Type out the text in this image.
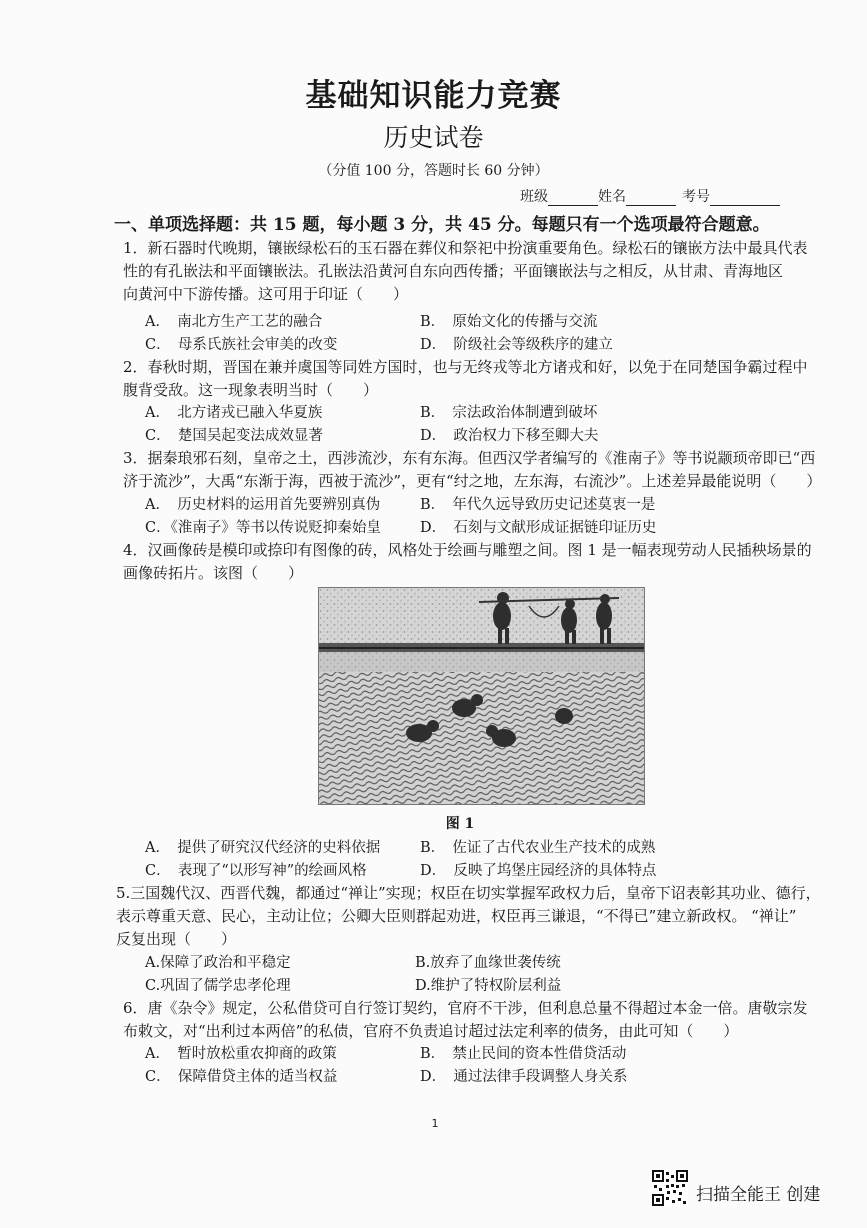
基础知识能力竞赛
历史试卷
（分值 100 分，答题时长 60 分钟）
班级	姓名	考号
一、单项选择题：共 15 题，每小题 3 分，共 45 分。每题只有一个选项最符合题意。
1．新石器时代晚期，镶嵌绿松石的玉石器在葬仪和祭祀中扮演重要角色。绿松石的镶嵌方法中最具代表
性的有孔嵌法和平面镶嵌法。孔嵌法沿黄河自东向西传播；平面镶嵌法与之相反，从甘肃、青海地区
向黄河中下游传播。这可用于印证（　　）
A．　南北方生产工艺的融合	B．　原始文化的传播与交流
C．　母系氏族社会审美的改变	D．　阶级社会等级秩序的建立
2．春秋时期，晋国在兼并虞国等同姓方国时，也与无终戎等北方诸戎和好，以免于在同楚国争霸过程中
腹背受敌。这一现象表明当时（　　）
A．　北方诸戎已融入华夏族	B．　宗法政治体制遭到破坏
C．　楚国吴起变法成效显著	D．　政治权力下移至卿大夫
3．据秦琅邪石刻，皇帝之土，西涉流沙，东有东海。但西汉学者编写的《淮南子》等书说颛顼帝即已“西
济于流沙”，大禹“东渐于海，西被于流沙”，更有“纣之地，左东海，右流沙”。上述差异最能说明（　　）
A．　历史材料的运用首先要辨别真伪	B．　年代久远导致历史记述莫衷一是
C．《淮南子》等书以传说贬抑秦始皇	D．　石刻与文献形成证据链印证历史
4．汉画像砖是模印或捺印有图像的砖，风格处于绘画与雕塑之间。图 1 是一幅表现劳动人民插秧场景的
画像砖拓片。该图（　　）
图 1
A．　提供了研究汉代经济的史料依据	B．　佐证了古代农业生产技术的成熟
C．　表现了“以形写神”的绘画风格	D．　反映了坞堡庄园经济的具体特点
5.三国魏代汉、西晋代魏，都通过“禅让”实现；权臣在切实掌握军政权力后，皇帝下诏表彰其功业、德行，
表示尊重天意、民心，主动让位；公卿大臣则群起劝进，权臣再三谦退，“不得已”建立新政权。 “禅让”
反复出现（　　）
A.保障了政治和平稳定	B.放弃了血缘世袭传统
C.巩固了儒学忠孝伦理	D.维护了特权阶层利益
6．唐《杂令》规定，公私借贷可自行签订契约，官府不干涉，但利息总量不得超过本金一倍。唐敬宗发
布敕文，对“出利过本两倍”的私债，官府不负责追讨超过法定利率的债务，由此可知（　　）
A．　暂时放松重农抑商的政策	B．　禁止民间的资本性借贷活动
C．　保障借贷主体的适当权益	D．　通过法律手段调整人身关系
1
扫描全能王 创建
